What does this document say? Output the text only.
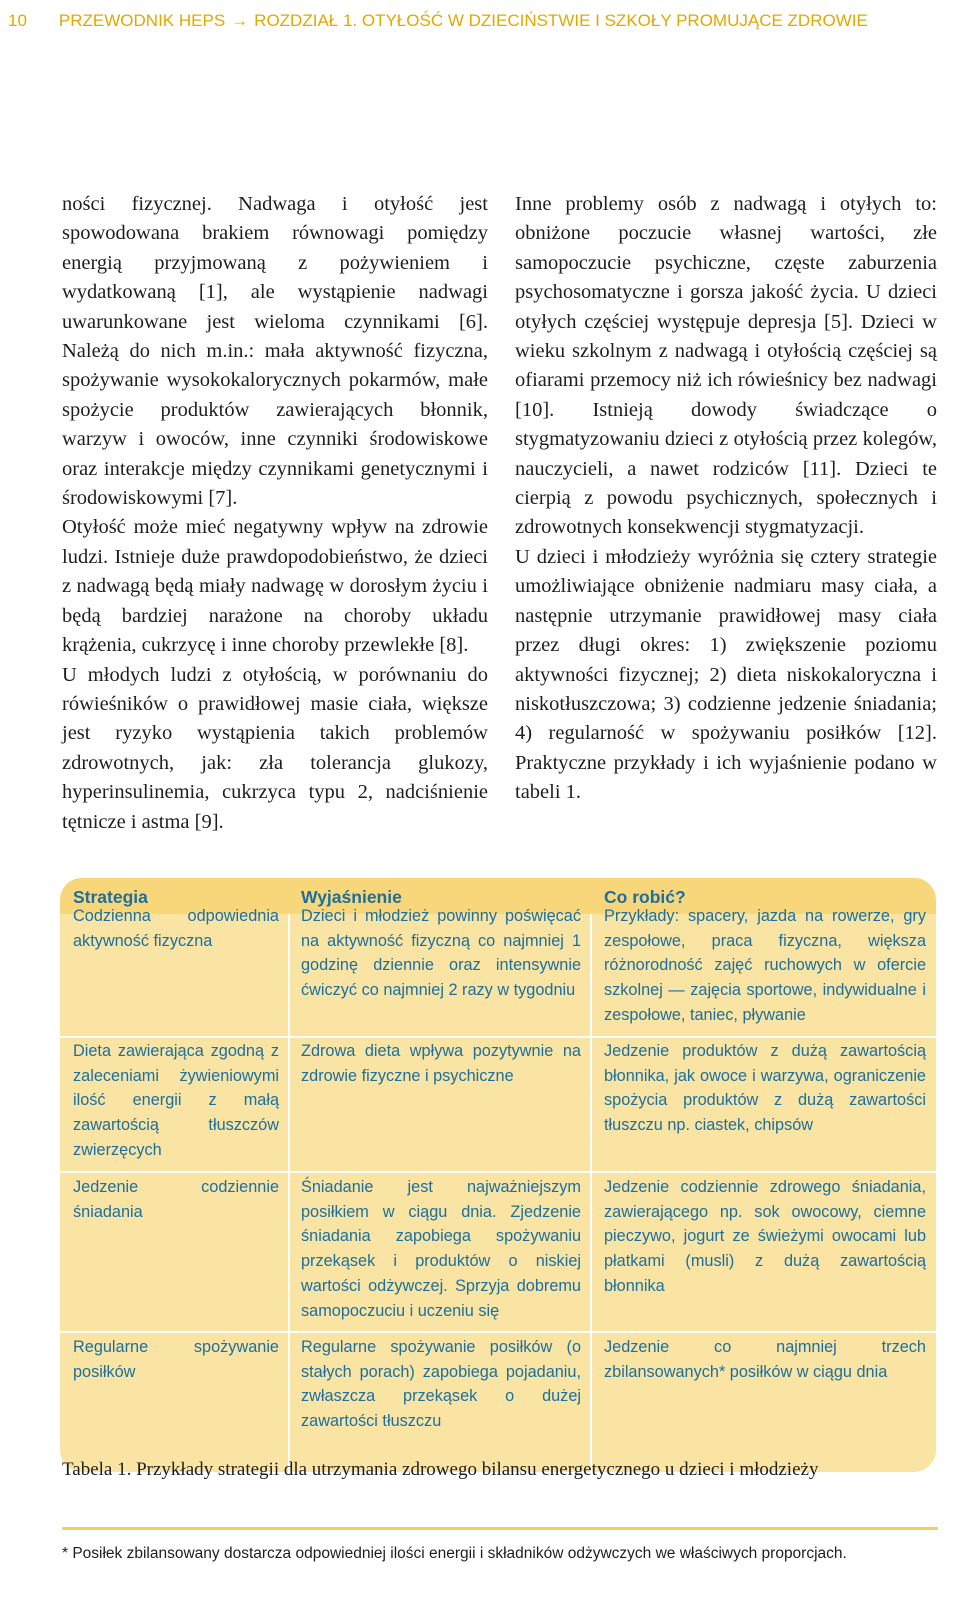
10 PRZEWODNIK HEPS → ROZDZIAŁ 1. OTYŁOŚĆ W DZIECIŃSTWIE I SZKOŁY PROMUJĄCE ZDROWIE

ności fizycznej. Nadwaga i otyłość jest spowodowana brakiem równowagi pomiędzy energią przyjmowaną z pożywieniem i wydatkowaną [1], ale wystąpienie nadwagi uwarunkowane jest wieloma czynnikami [6]. Należą do nich m.in.: mała aktywność fizyczna, spożywanie wysokokalorycznych pokarmów, małe spożycie produktów zawierających błonnik, warzyw i owoców, inne czynniki środowiskowe oraz interakcje między czynnikami genetycznymi i środowiskowymi [7].

Otyłość może mieć negatywny wpływ na zdrowie ludzi. Istnieje duże prawdopodobieństwo, że dzieci z nadwagą będą miały nadwagę w dorosłym życiu i będą bardziej narażone na choroby układu krążenia, cukrzycę i inne choroby przewlekłe [8].

U młodych ludzi z otyłością, w porównaniu do rówieśników o prawidłowej masie ciała, większe jest ryzyko wystąpienia takich problemów zdrowotnych, jak: zła tolerancja glukozy, hyperinsulinemia, cukrzyca typu 2, nadciśnienie tętnicze i astma [9].

Inne problemy osób z nadwagą i otyłych to: obniżone poczucie własnej wartości, złe samopoczucie psychiczne, częste zaburzenia psychosomatyczne i gorsza jakość życia. U dzieci otyłych częściej występuje depresja [5]. Dzieci w wieku szkolnym z nadwagą i otyłością częściej są ofiarami przemocy niż ich rówieśnicy bez nadwagi [10]. Istnieją dowody świadczące o stygmatyzowaniu dzieci z otyłością przez kolegów, nauczycieli, a nawet rodziców [11]. Dzieci te cierpią z powodu psychicznych, społecznych i zdrowotnych konsekwencji stygmatyzacji.

U dzieci i młodzieży wyróżnia się cztery strategie umożliwiające obniżenie nadmiaru masy ciała, a następnie utrzymanie prawidłowej masy ciała przez długi okres: 1) zwiększenie poziomu aktywności fizycznej; 2) dieta niskokaloryczna i niskotłuszczowa; 3) codzienne jedzenie śniadania; 4) regularność w spożywaniu posiłków [12]. Praktyczne przykłady i ich wyjaśnienie podano w tabeli 1.

Strategia	Wyjaśnienie	Co robić?
Codzienna odpowiednia aktywność fizyczna
Dzieci i młodzież powinny poświęcać na aktywność fizyczną co najmniej 1 godzinę dziennie oraz intensywnie ćwiczyć co najmniej 2 razy w tygodniu
Przykłady: spacery, jazda na rowerze, gry zespołowe, praca fizyczna, większa różnorodność zajęć ruchowych w ofercie szkolnej — zajęcia sportowe, indywidualne i zespołowe, taniec, pływanie
Dieta zawierająca zgodną z zaleceniami żywieniowymi ilość energii z małą zawartością tłuszczów zwierzęcych
Zdrowa dieta wpływa pozytywnie na zdrowie fizyczne i psychiczne
Jedzenie produktów z dużą zawartością błonnika, jak owoce i warzywa, ograniczenie spożycia produktów z dużą zawartości tłuszczu np. ciastek, chipsów
Jedzenie codziennie śniadania
Śniadanie jest najważniejszym posiłkiem w ciągu dnia. Zjedzenie śniadania zapobiega spożywaniu przekąsek i produktów o niskiej wartości odżywczej. Sprzyja dobremu samopoczuciu i uczeniu się
Jedzenie codziennie zdrowego śniadania, zawierającego np. sok owocowy, ciemne pieczywo, jogurt ze świeżymi owocami lub płatkami (musli) z dużą zawartością błonnika
Regularne spożywanie posiłków
Regularne spożywanie posiłków (o stałych porach) zapobiega pojadaniu, zwłaszcza przekąsek o dużej zawartości tłuszczu
Jedzenie co najmniej trzech zbilansowanych* posiłków w ciągu dnia
Tabela 1. Przykłady strategii dla utrzymania zdrowego bilansu energetycznego u dzieci i młodzieży
* Posiłek zbilansowany dostarcza odpowiedniej ilości energii i składników odżywczych we właściwych proporcjach.
